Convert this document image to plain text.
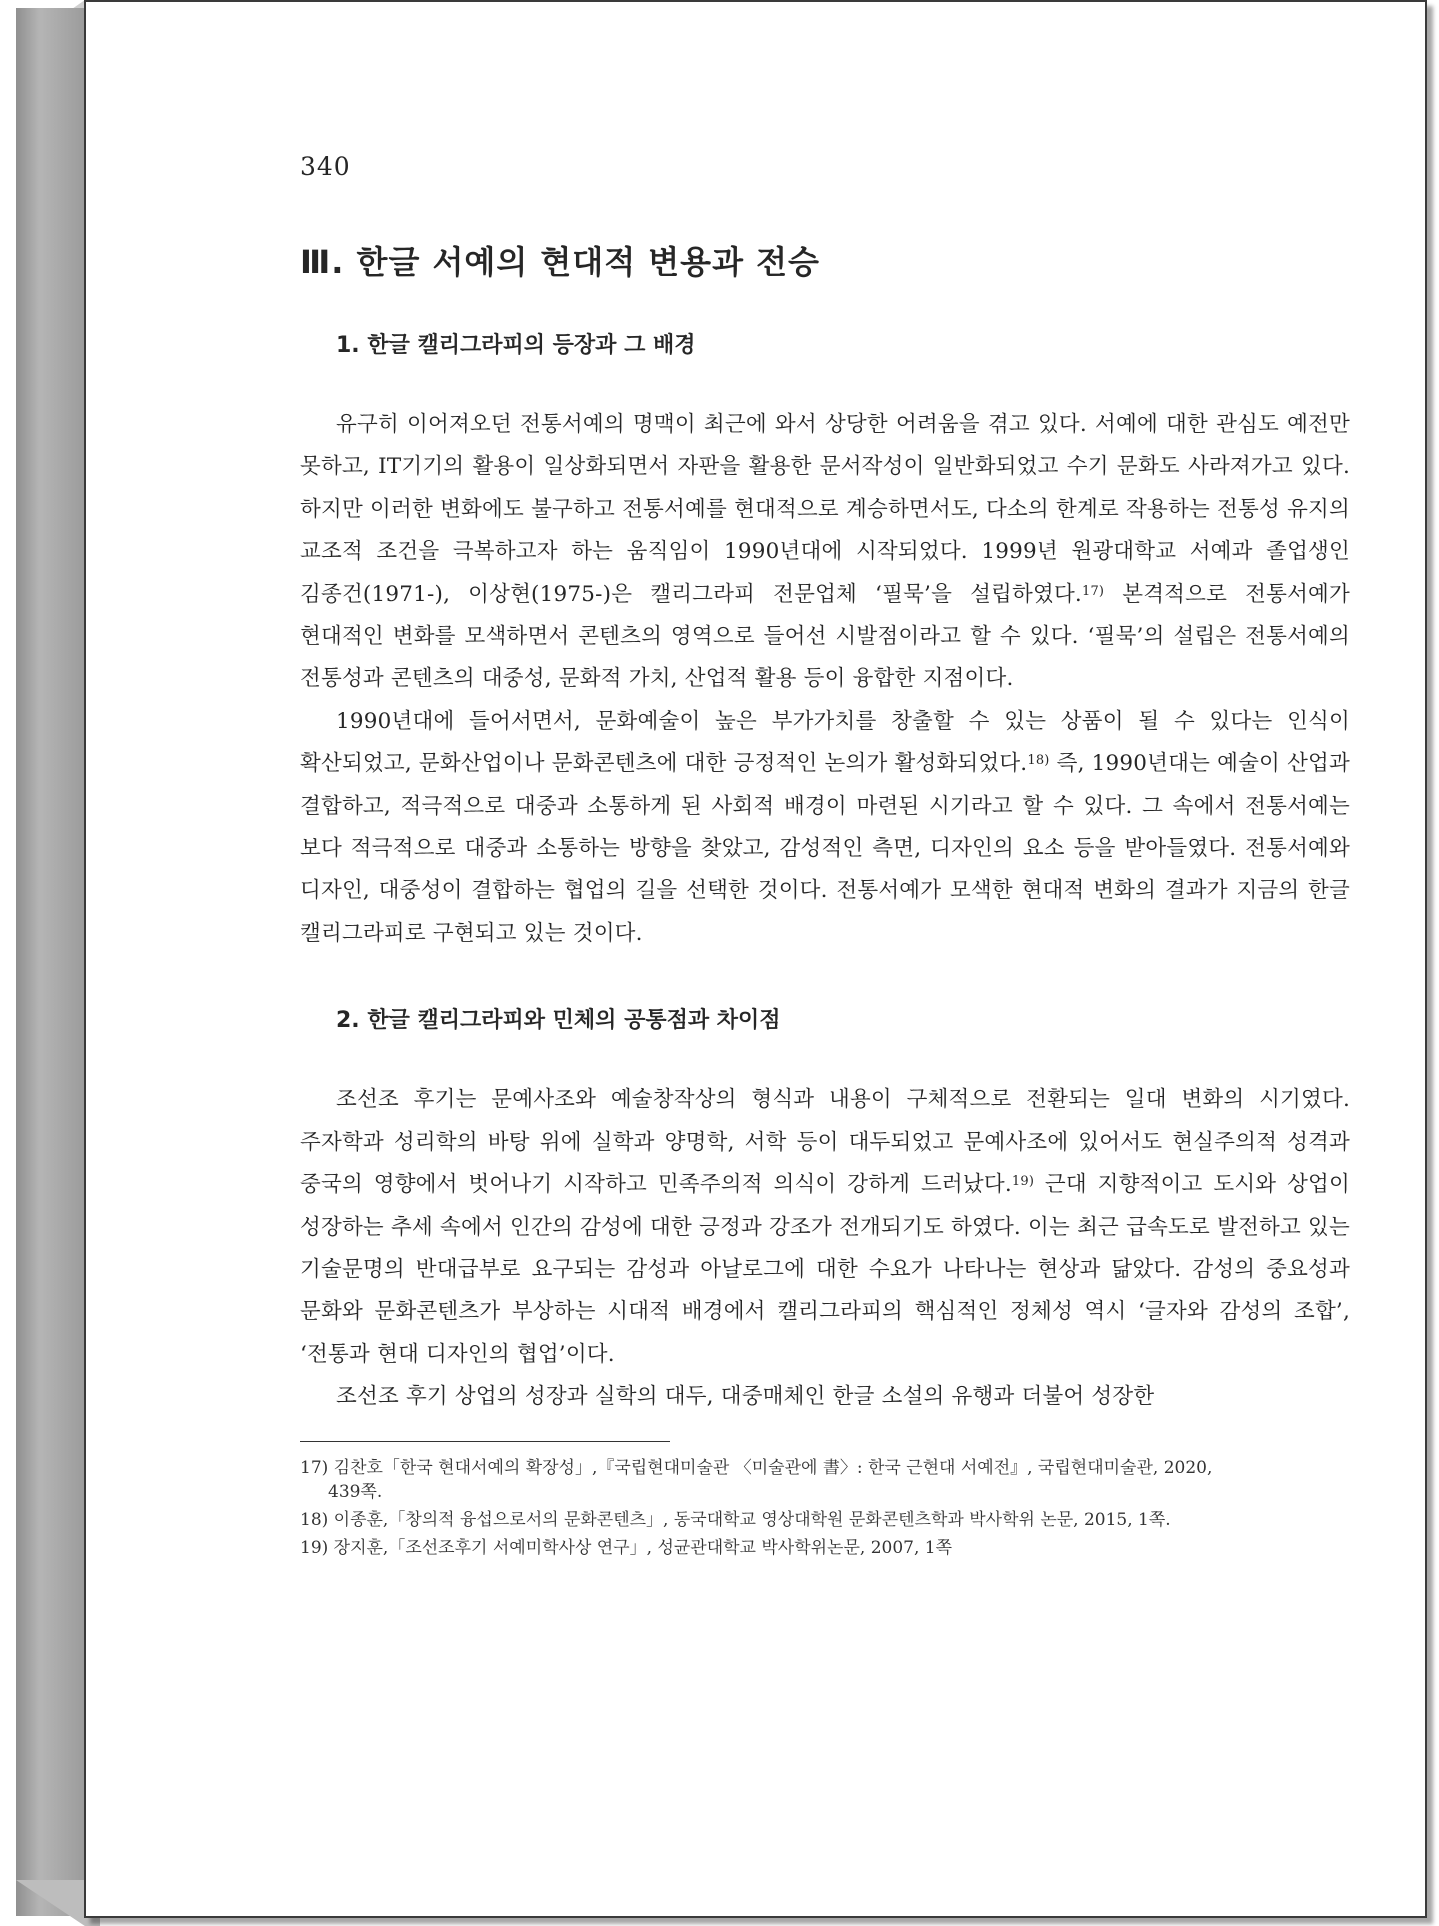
340
Ⅲ. 한글 서예의 현대적 변용과 전승
1. 한글 캘리그라피의 등장과 그 배경

유구히 이어져오던 전통서예의 명맥이 최근에 와서 상당한 어려움을 겪고 있다. 서예에 대한 관심도 예전만 못하고, IT기기의 활용이 일상화되면서 자판을 활용한 문서작성이 일반화되었고 수기 문화도 사라져가고 있다. 하지만 이러한 변화에도 불구하고 전통서예를 현대적으로 계승하면서도, 다소의 한계로 작용하는 전통성 유지의 교조적 조건을 극복하고자 하는 움직임이 1990년대에 시작되었다. 1999년 원광대학교 서예과 졸업생인 김종건(1971-), 이상현(1975-)은 캘리그라피 전문업체 ‘필묵’을 설립하였다.$^{17)}$ 본격적으로 전통서예가 현대적인 변화를 모색하면서 콘텐츠의 영역으로 들어선 시발점이라고 할 수 있다. ‘필묵’의 설립은 전통서예의 전통성과 콘텐츠의 대중성, 문화적 가치, 산업적 활용 등이 융합한 지점이다.

1990년대에 들어서면서, 문화예술이 높은 부가가치를 창출할 수 있는 상품이 될 수 있다는 인식이 확산되었고, 문화산업이나 문화콘텐츠에 대한 긍정적인 논의가 활성화되었다.$^{18)}$ 즉, 1990년대는 예술이 산업과 결합하고, 적극적으로 대중과 소통하게 된 사회적 배경이 마련된 시기라고 할 수 있다. 그 속에서 전통서예는 보다 적극적으로 대중과 소통하는 방향을 찾았고, 감성적인 측면, 디자인의 요소 등을 받아들였다. 전통서예와 디자인, 대중성이 결합하는 협업의 길을 선택한 것이다. 전통서예가 모색한 현대적 변화의 결과가 지금의 한글 캘리그라피로 구현되고 있는 것이다.

2. 한글 캘리그라피와 민체의 공통점과 차이점

조선조 후기는 문예사조와 예술창작상의 형식과 내용이 구체적으로 전환되는 일대 변화의 시기였다. 주자학과 성리학의 바탕 위에 실학과 양명학, 서학 등이 대두되었고 문예사조에 있어서도 현실주의적 성격과 중국의 영향에서 벗어나기 시작하고 민족주의적 의식이 강하게 드러났다.$^{19)}$ 근대 지향적이고 도시와 상업이 성장하는 추세 속에서 인간의 감성에 대한 긍정과 강조가 전개되기도 하였다. 이는 최근 급속도로 발전하고 있는 기술문명의 반대급부로 요구되는 감성과 아날로그에 대한 수요가 나타나는 현상과 닮았다. 감성의 중요성과 문화와 문화콘텐츠가 부상하는 시대적 배경에서 캘리그라피의 핵심적인 정체성 역시 ‘글자와 감성의 조합’, ‘전통과 현대 디자인의 협업’이다.

조선조 후기 상업의 성장과 실학의 대두, 대중매체인 한글 소설의 유행과 더불어 성장한

17) 김찬호「한국 현대서예의 확장성」,『국립현대미술관 〈미술관에 書〉: 한국 근현대 서예전』, 국립현대미술관, 2020,
439쪽.

18) 이종훈,「창의적 융섭으로서의 문화콘텐츠」, 동국대학교 영상대학원 문화콘텐츠학과 박사학위 논문, 2015, 1쪽.

19) 장지훈,「조선조후기 서예미학사상 연구」, 성균관대학교 박사학위논문, 2007, 1쪽
